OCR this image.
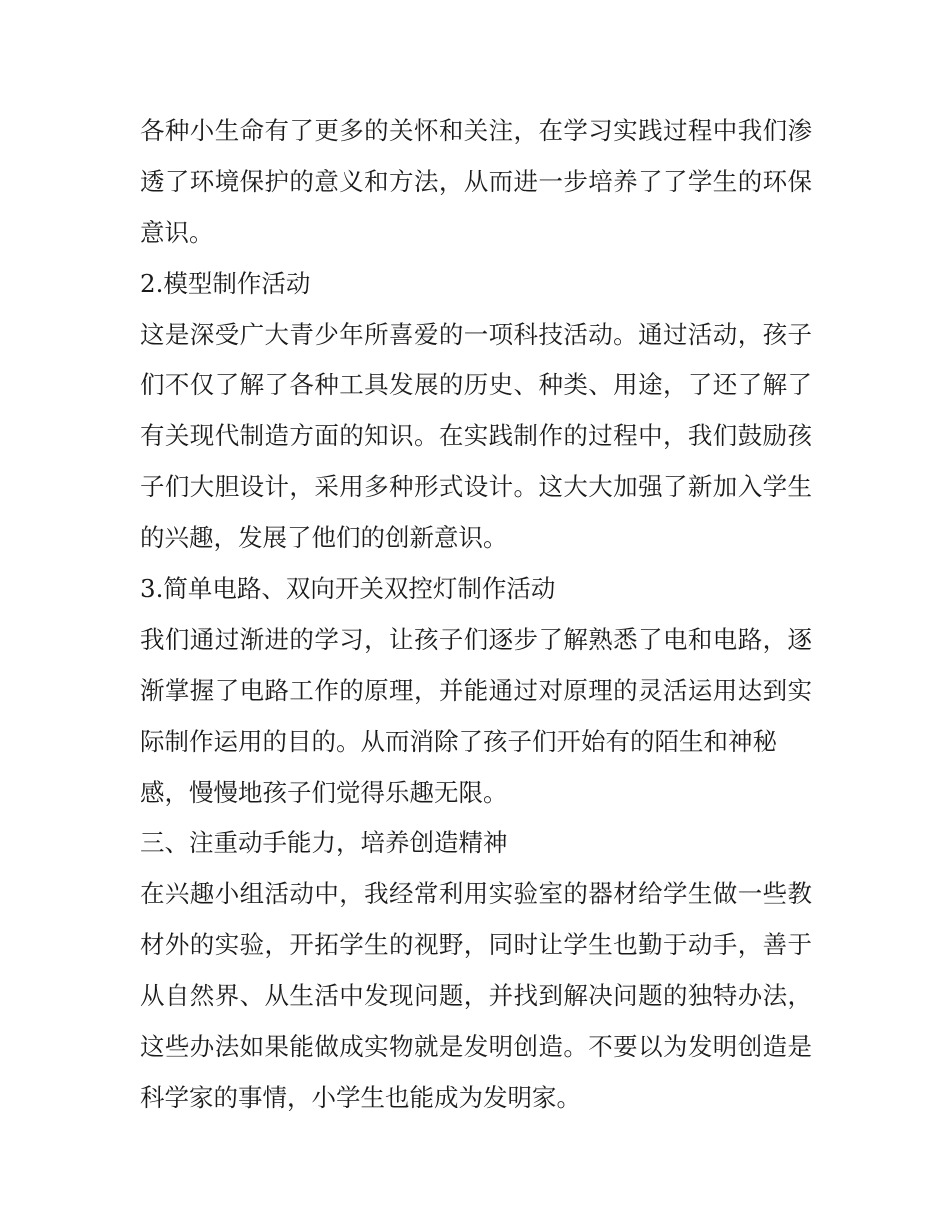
各种小生命有了更多的关怀和关注，在学习实践过程中我们渗
透了环境保护的意义和方法，从而进一步培养了了学生的环保
意识。
2.模型制作活动
这是深受广大青少年所喜爱的一项科技活动。通过活动，孩子
们不仅了解了各种工具发展的历史、种类、用途，了还了解了
有关现代制造方面的知识。在实践制作的过程中，我们鼓励孩
子们大胆设计，采用多种形式设计。这大大加强了新加入学生
的兴趣，发展了他们的创新意识。
3.简单电路、双向开关双控灯制作活动
我们通过渐进的学习，让孩子们逐步了解熟悉了电和电路，逐
渐掌握了电路工作的原理，并能通过对原理的灵活运用达到实
际制作运用的目的。从而消除了孩子们开始有的陌生和神秘
感，慢慢地孩子们觉得乐趣无限。
三、注重动手能力，培养创造精神
在兴趣小组活动中，我经常利用实验室的器材给学生做一些教
材外的实验，开拓学生的视野，同时让学生也勤于动手，善于
从自然界、从生活中发现问题，并找到解决问题的独特办法，
这些办法如果能做成实物就是发明创造。不要以为发明创造是
科学家的事情，小学生也能成为发明家。
